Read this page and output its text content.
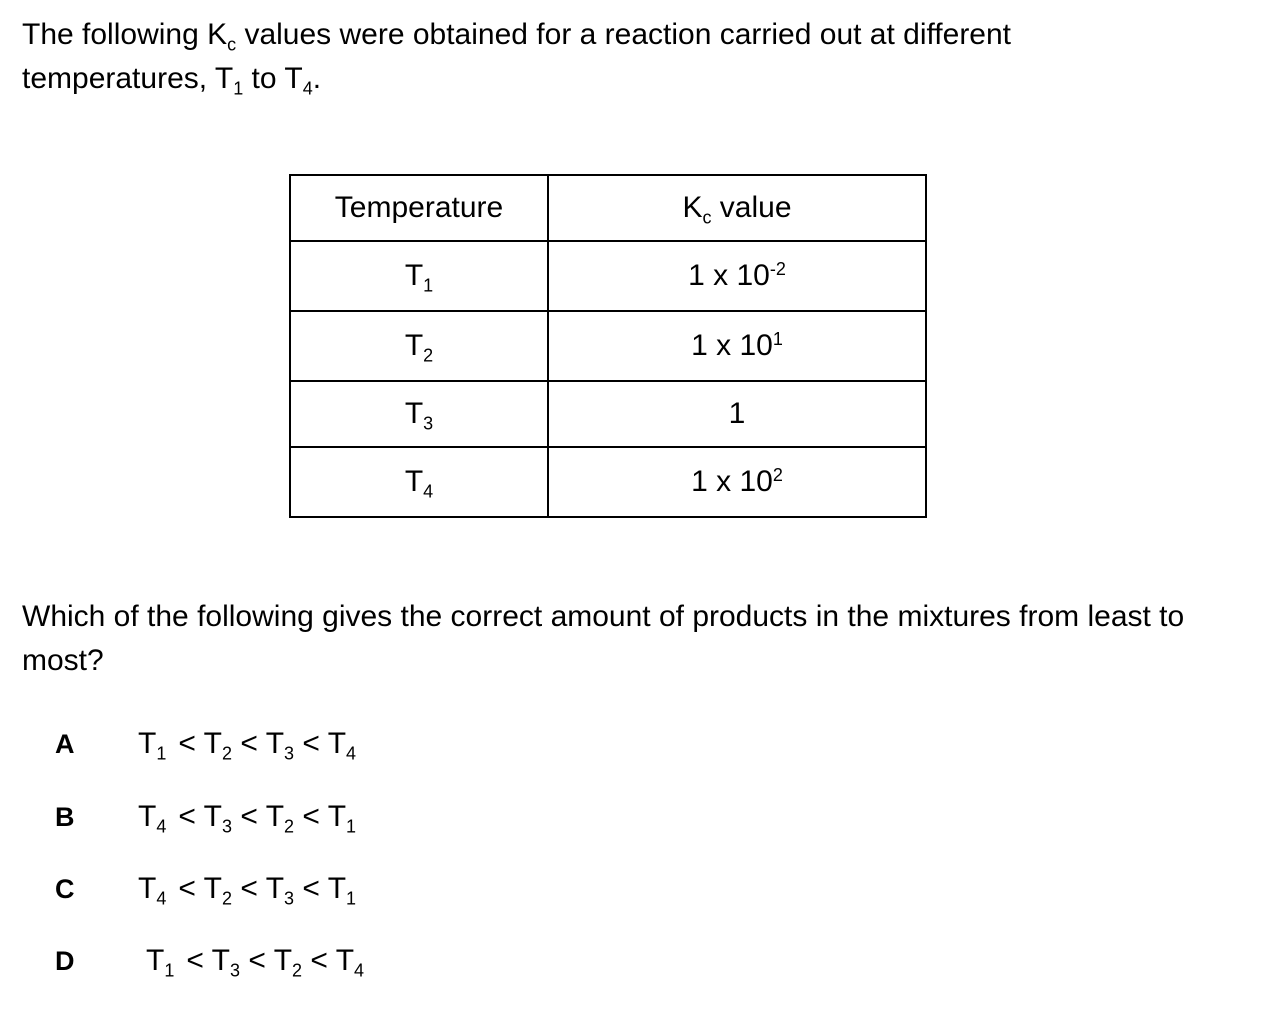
The following $K_c$ values were obtained for a reaction carried out at different
temperatures, $T_1$ to $T_4$.

Temperature	$K_c$ value
$T_1$	1 x $10^{-2}$
$T_2$	1 x $10^1$
$T_3$	1
$T_4$	1 x $10^2$

Which of the following gives the correct amount of products in the mixtures from least to
most?

A $T_1 < T_2 < T_3 < T_4$
B $T_4 < T_3 < T_2 < T_1$
C $T_4 < T_2 < T_3 < T_1$
D $T_1 < T_3 < T_2 < T_4$
